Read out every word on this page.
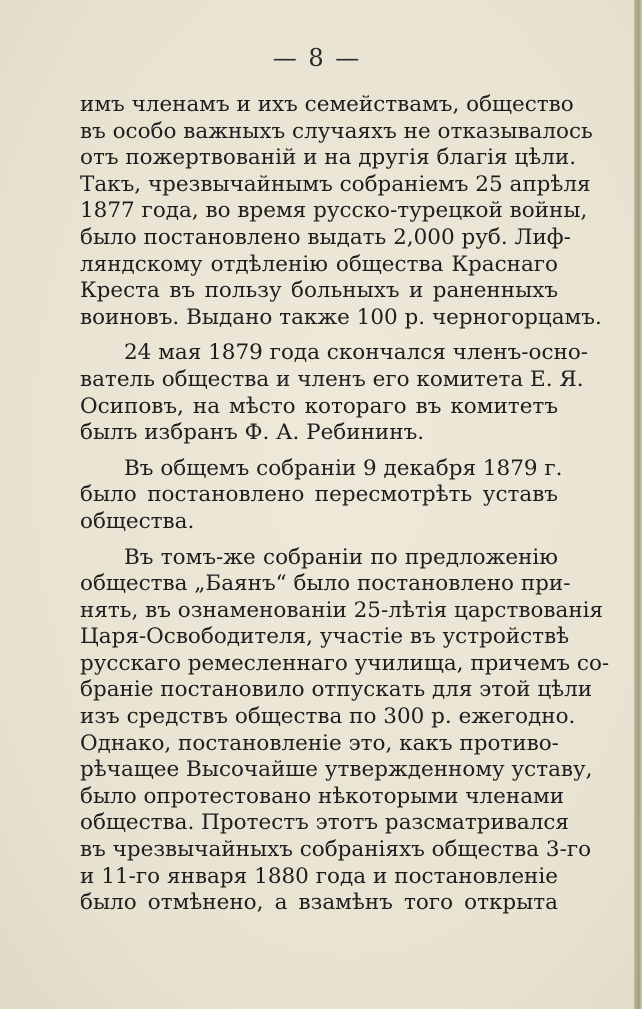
— 8 —
имъ членамъ и ихъ семействамъ, общество
въ особо важныхъ случаяхъ не отказывалось
отъ пожертвованiй и на другiя благiя цѣли.
Такъ, чрезвычайнымъ собранiемъ 25 апрѣля
1877 года, во время русско-турецкой войны,
было постановлено выдать 2,000 руб. Лиф-
ляндскому отдѣленiю общества Краснаго
Креста въ пользу больныхъ и раненныхъ
воиновъ. Выдано также 100 р. черногорцамъ.
24 мая 1879 года скончался членъ-осно-
ватель общества и членъ его комитета Е. Я.
Осиповъ, на мѣсто котораго въ комитетъ
былъ избранъ Ф. А. Ребининъ.
Въ общемъ собранiи 9 декабря 1879 г.
было постановлено пересмотрѣть уставъ
общества.
Въ томъ-же собранiи по предложенiю
общества „Баянъ“ было постановлено при-
нять, въ ознаменованiи 25-лѣтiя царствованiя
Царя-Освободителя, участiе въ устройствѣ
русскаго ремесленнаго училища, причемъ со-
бранiе постановило отпускать для этой цѣли
изъ средствъ общества по 300 р. ежегодно.
Однако, постановленiе это, какъ противо-
рѣчащее Высочайше утвержденному уставу,
было опротестовано нѣкоторыми членами
общества. Протестъ этотъ разсматривался
въ чрезвычайныхъ собранiяхъ общества 3-го
и 11-го января 1880 года и постановленiе
было отмѣнено, а взамѣнъ того открыта
